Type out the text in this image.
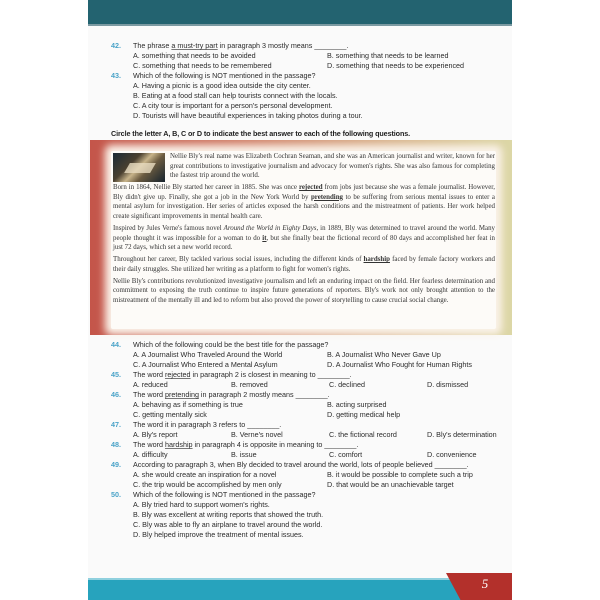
42.	The phrase a must-try part in paragraph 3 mostly means ________.
A. something that needs to be avoided	B. something that needs to be learned
C. something that needs to be remembered	D. something that needs to be experienced
43.	Which of the following is NOT mentioned in the passage?
A. Having a picnic is a good idea outside the city center.
B. Eating at a food stall can help tourists connect with the locals.
C. A city tour is important for a person's personal development.
D. Tourists will have beautiful experiences in taking photos during a tour.
Circle the letter A, B, C or D to indicate the best answer to each of the following questions.

Nellie Bly's real name was Elizabeth Cochran Seaman, and she was an American journalist and writer, known for her great contributions to investigative journalism and advocacy for women's rights. She was also famous for completing the fastest trip around the world.

Born in 1864, Nellie Bly started her career in 1885. She was once rejected from jobs just because she was a female journalist. However, Bly didn't give up. Finally, she got a job in the New York World by pretending to be suffering from serious mental issues to enter a mental asylum for investigation. Her series of articles exposed the harsh conditions and the mistreatment of patients. Her work helped create significant improvements in mental health care.

Inspired by Jules Verne's famous novel Around the World in Eighty Days, in 1889, Bly was determined to travel around the world. Many people thought it was impossible for a woman to do it, but she finally beat the fictional record of 80 days and accomplished her feat in just 72 days, which set a new world record.

Throughout her career, Bly tackled various social issues, including the different kinds of hardship faced by female factory workers and their daily struggles. She utilized her writing as a platform to fight for women's rights.

Nellie Bly's contributions revolutionized investigative journalism and left an enduring impact on the field. Her fearless determination and commitment to exposing the truth continue to inspire future generations of reporters. Bly's work not only brought attention to the mistreatment of the mentally ill and led to reform but also proved the power of storytelling to cause crucial social change.

44.	Which of the following could be the best title for the passage?
A. A Journalist Who Traveled Around the World	B. A Journalist Who Never Gave Up
C. A Journalist Who Entered a Mental Asylum	D. A Journalist Who Fought for Human Rights
45.	The word rejected in paragraph 2 is closest in meaning to ________.
A. reduced	B. removed	C. declined	D. dismissed
46.	The word pretending in paragraph 2 mostly means ________.
A. behaving as if something is true	B. acting surprised
C. getting mentally sick	D. getting medical help
47.	The word it in paragraph 3 refers to ________.
A. Bly's report	B. Verne's novel	C. the fictional record	D. Bly's determination
48.	The word hardship in paragraph 4 is opposite in meaning to ________.
A. difficulty	B. issue	C. comfort	D. convenience
49.	According to paragraph 3, when Bly decided to travel around the world, lots of people believed ________.
A. she would create an inspiration for a novel	B. it would be possible to complete such a trip
C. the trip would be accomplished by men only	D. that would be an unachievable target
50.	Which of the following is NOT mentioned in the passage?
A. Bly tried hard to support women's rights.
B. Bly was excellent at writing reports that showed the truth.
C. Bly was able to fly an airplane to travel around the world.
D. Bly helped improve the treatment of mental issues.
5
